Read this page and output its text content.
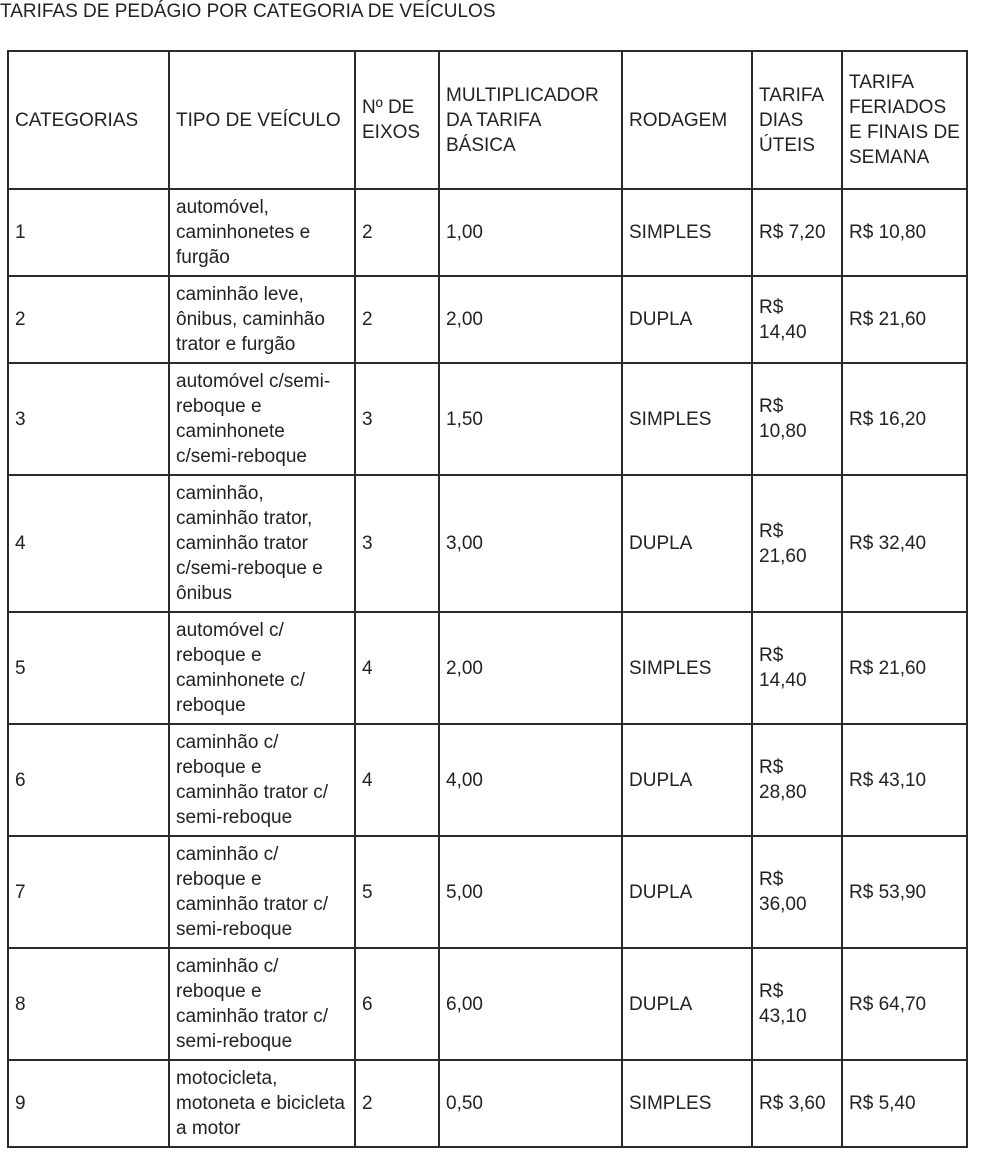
TARIFAS DE PEDÁGIO POR CATEGORIA DE VEÍCULOS
CATEGORIAS	TIPO DE VEÍCULO	Nº DE EIXOS	MULTIPLICADOR DA TARIFA BÁSICA	RODAGEM	TARIFA DIAS ÚTEIS	TARIFA FERIADOS E FINAIS DE SEMANA
1	automóvel, caminhonetes e furgão	2	1,00	SIMPLES	R$ 7,20	R$ 10,80
2	caminhão leve, ônibus, caminhão trator e furgão	2	2,00	DUPLA	R$ 14,40	R$ 21,60
3	automóvel c/semi-reboque e caminhonete c/semi-reboque	3	1,50	SIMPLES	R$ 10,80	R$ 16,20
4	caminhão, caminhão trator, caminhão trator c/semi-reboque e ônibus	3	3,00	DUPLA	R$ 21,60	R$ 32,40
5	automóvel c/ reboque e caminhonete c/ reboque	4	2,00	SIMPLES	R$ 14,40	R$ 21,60
6	caminhão c/ reboque e caminhão trator c/ semi-reboque	4	4,00	DUPLA	R$ 28,80	R$ 43,10
7	caminhão c/ reboque e caminhão trator c/ semi-reboque	5	5,00	DUPLA	R$ 36,00	R$ 53,90
8	caminhão c/ reboque e caminhão trator c/ semi-reboque	6	6,00	DUPLA	R$ 43,10	R$ 64,70
9	motocicleta, motoneta e bicicleta a motor	2	0,50	SIMPLES	R$ 3,60	R$ 5,40
